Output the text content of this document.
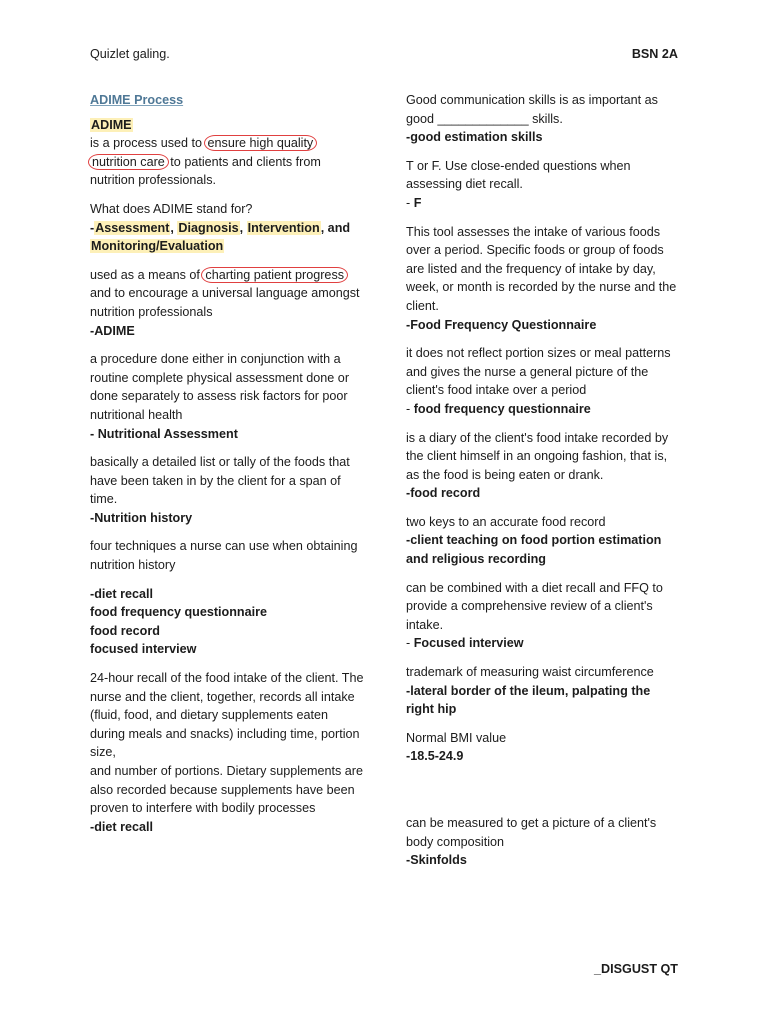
Quizlet galing.	BSN 2A
ADIME Process

ADIME

is a process used to ensure high quality nutrition care to patients and clients from nutrition professionals.

What does ADIME stand for?

-Assessment, Diagnosis, Intervention, and Monitoring/Evaluation

used as a means of charting patient progress and to encourage a universal language amongst nutrition professionals

-ADIME

a procedure done either in conjunction with a routine complete physical assessment done or done separately to assess risk factors for poor nutritional health

- Nutritional Assessment

basically a detailed list or tally of the foods that have been taken in by the client for a span of time.

-Nutrition history

four techniques a nurse can use when obtaining nutrition history

-diet recall

food frequency questionnaire

food record

focused interview

24-hour recall of the food intake of the client. The nurse and the client, together, records all intake (fluid, food, and dietary supplements eaten during meals and snacks) including time, portion size,

and number of portions. Dietary supplements are also recorded because supplements have been proven to interfere with bodily processes

-diet recall

Good communication skills is as important as good _____________ skills.

-good estimation skills

T or F. Use close-ended questions when assessing diet recall.

- F

This tool assesses the intake of various foods over a period. Specific foods or group of foods are listed and the frequency of intake by day, week, or month is recorded by the nurse and the client.

-Food Frequency Questionnaire

it does not reflect portion sizes or meal patterns and gives the nurse a general picture of the client's food intake over a period

- food frequency questionnaire

is a diary of the client's food intake recorded by the client himself in an ongoing fashion, that is, as the food is being eaten or drank.

-food record

two keys to an accurate food record

-client teaching on food portion estimation and religious recording

can be combined with a diet recall and FFQ to provide a comprehensive review of a client's intake.

- Focused interview

trademark of measuring waist circumference

-lateral border of the ileum, palpating the right hip

Normal BMI value

-18.5-24.9

can be measured to get a picture of a client's body composition

-Skinfolds

_DISGUST QT
